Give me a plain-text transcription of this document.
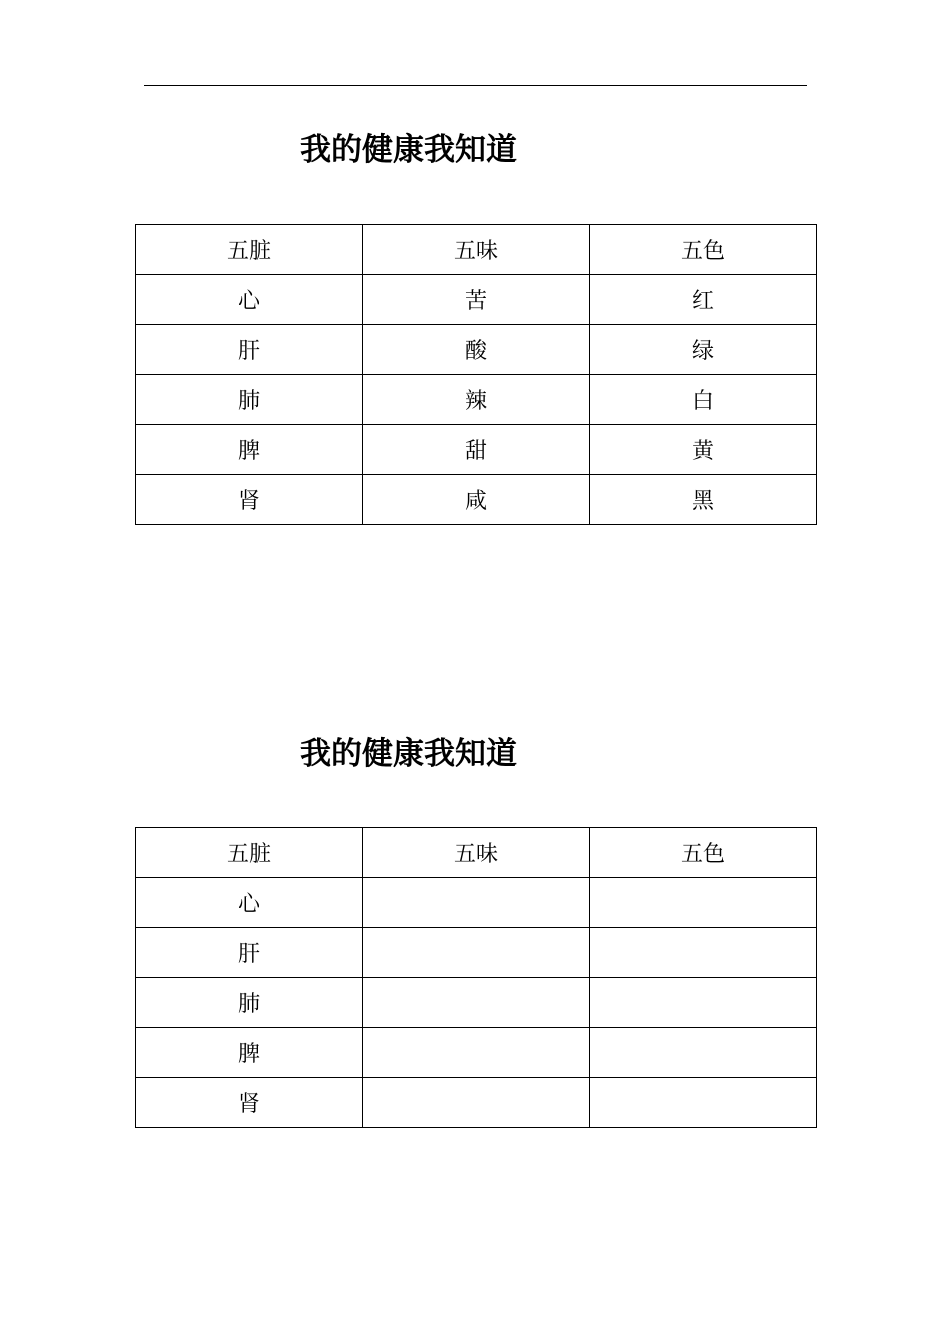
我的健康我知道
五脏	五味	五色
心	苦	红
肝	酸	绿
肺	辣	白
脾	甜	黄
肾	咸	黑
我的健康我知道
五脏	五味	五色
心		
肝		
肺		
脾		
肾		
